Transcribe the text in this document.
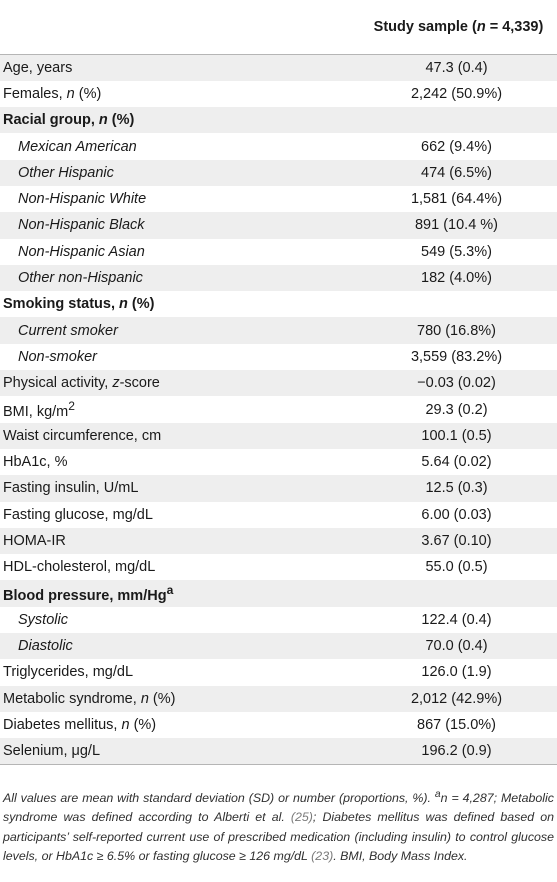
	Study sample (n = 4,339)
Age, years	47.3 (0.4)
Females, n (%)	2,242 (50.9%)
Racial group, n (%)	
Mexican American	662 (9.4%)
Other Hispanic	474 (6.5%)
Non-Hispanic White	1,581 (64.4%)
Non-Hispanic Black	891 (10.4 %)
Non-Hispanic Asian	549 (5.3%)
Other non-Hispanic	182 (4.0%)
Smoking status, n (%)	
Current smoker	780 (16.8%)
Non-smoker	3,559 (83.2%)
Physical activity, z-score	−0.03 (0.02)
BMI, $kg/m^2$	29.3 (0.2)
Waist circumference, cm	100.1 (0.5)
HbA1c, %	5.64 (0.02)
Fasting insulin, U/mL	12.5 (0.3)
Fasting glucose, mg/dL	6.00 (0.03)
HOMA-IR	3.67 (0.10)
HDL-cholesterol, mg/dL	55.0 (0.5)
Blood pressure, mm/Hg$^a$	
Systolic	122.4 (0.4)
Diastolic	70.0 (0.4)
Triglycerides, mg/dL	126.0 (1.9)
Metabolic syndrome, n (%)	2,012 (42.9%)
Diabetes mellitus, n (%)	867 (15.0%)
Selenium, μg/L	196.2 (0.9)
All values are mean with standard deviation (SD) or number (proportions, %). $^a$n = 4,287; Metabolic syndrome was defined according to Alberti et al. (25); Diabetes mellitus was defined based on participants’ self-reported current use of prescribed medication (including insulin) to control glucose levels, or HbA1c ≥ 6.5% or fasting glucose ≥ 126 mg/dL (23). BMI, Body Mass Index.
